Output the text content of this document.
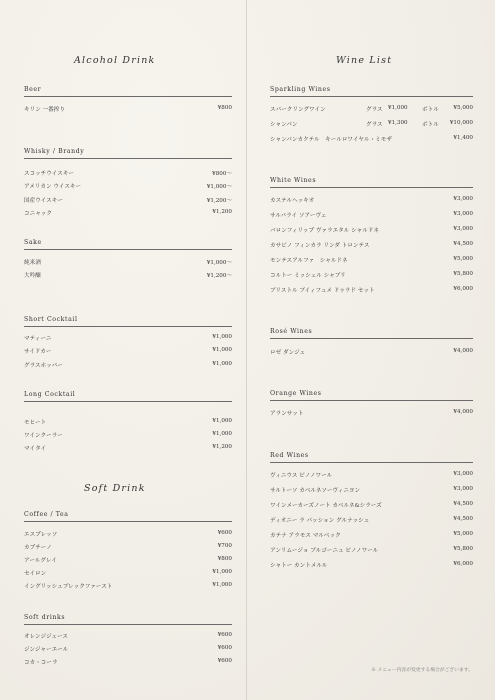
Alcohol Drink
Beer
キリン 一番搾り	¥800
Whisky / Brandy
スコッチウイスキー	¥800～
アメリカン ウイスキー	¥1,000～
国産ウイスキー	¥1,200～
コニャック	¥1,200
Sake
純米酒	¥1,000～
大吟醸	¥1,200～
Short Cocktail
マティーニ	¥1,000
サイドカー	¥1,000
グラスホッパー	¥1,000
Long Cocktail
モヒート	¥1,000
ワインクーラー	¥1,000
マイタイ	¥1,200
Soft Drink
Coffee / Tea
エスプレッソ	¥600
カプチーノ	¥700
アールグレイ	¥800
セイロン	¥1,000
イングリッシュブレックファースト	¥1,000
Soft drinks
オレンジジュース	¥600
ジンジャーエール	¥600
コカ・コーラ	¥600
Wine List
Sparkling Wines
スパークリングワイン	グラス ¥1,000	ボトル	¥5,000
シャンパン	グラス ¥1,300	ボトル ¥10,000
シャンパンカクテル　キールロワイヤル・ミモザ	¥1,400
White Wines
カステルヘッキオ	¥3,000
サルバライ ソアーヴェ	¥3,000
バロンフィリップ ヴァラエタル シャルドネ	¥3,000
カサビノ フィンカラ リンダ トロンテス	¥4,500
モンテスアルファ　シャルドネ	¥5,000
コルトー ミッシェル シャブリ	¥5,800
ブリストル ブイィフュメ ドゥラド セット	¥6,000
Rosé Wines
ロゼ ダンジュ	¥4,000
Orange Wines
アランサット	¥4,000
Red Wines
ヴィニウス ピノノワール	¥3,000
サルトーソ カベルネソーヴィニヨン	¥3,000
ワインメーカーズノート カベルネ&シラーズ	¥4,500
ディオニー ラ パッション グルナッシュ	¥4,500
カテナ アラモス マルベック	¥5,000
アンリムージョ ブルゴーニュ ピノノワール	¥5,800
シャトー カントメルル	¥6,000
※ メニュー内容が変更する場合がございます。
